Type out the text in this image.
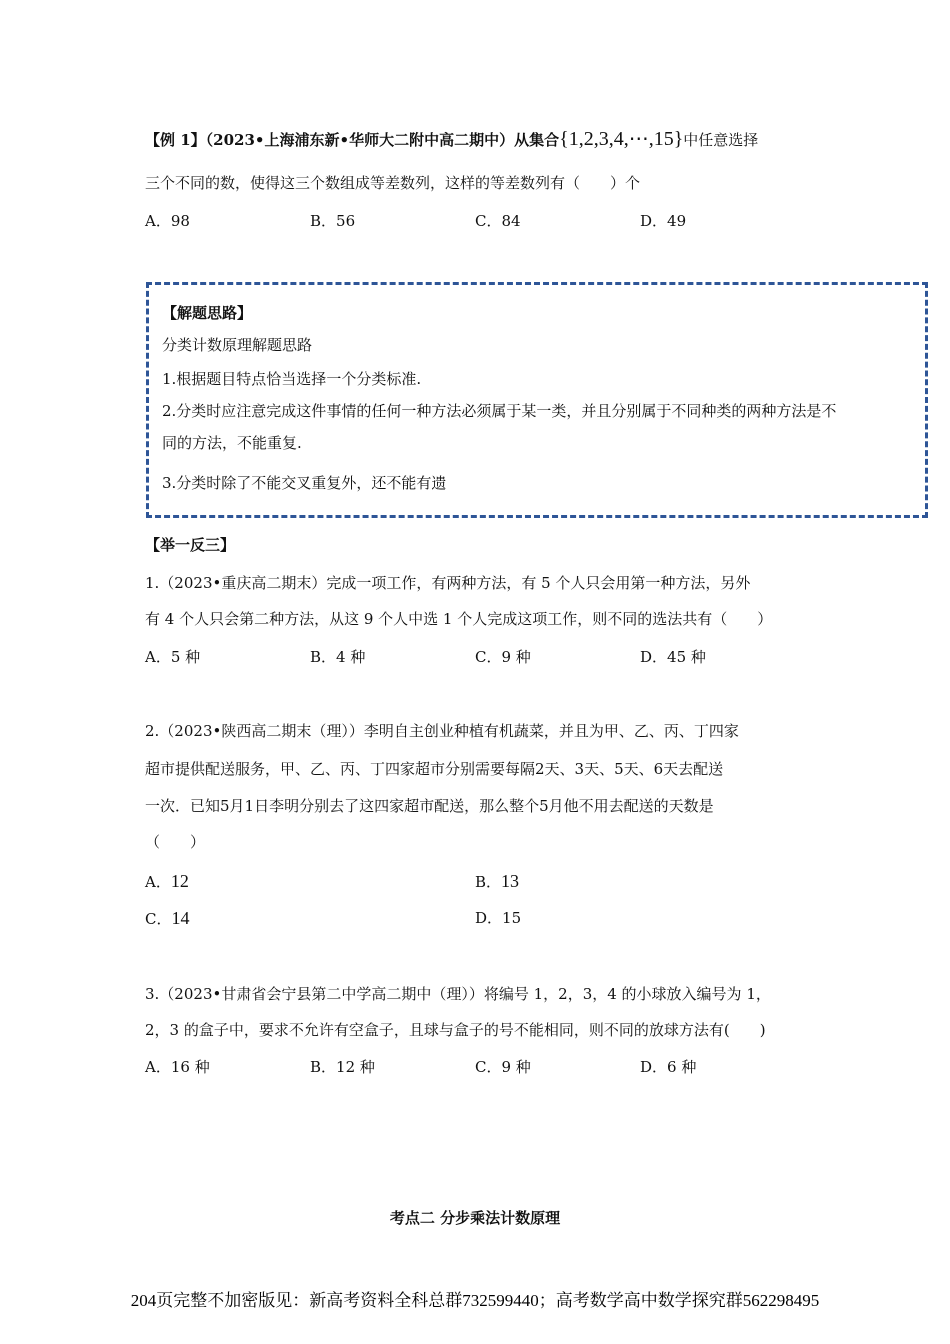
【例 1】（2023•上海浦东新•华师大二附中高二期中）从集合{1,2,3,4,⋯,15}中任意选择
三个不同的数，使得这三个数组成等差数列，这样的等差数列有（　　）个
A．98	B．56	C．84	D．49
【解题思路】
分类计数原理解题思路
1.根据题目特点恰当选择一个分类标准.
2.分类时应注意完成这件事情的任何一种方法必须属于某一类，并且分别属于不同种类的两种方法是不
同的方法，不能重复.
3.分类时除了不能交叉重复外，还不能有遗
【举一反三】
1.（2023•重庆高二期末）完成一项工作，有两种方法，有 5 个人只会用第一种方法，另外
有 4 个人只会第二种方法，从这 9 个人中选 1 个人完成这项工作，则不同的选法共有（　　）
A．5 种	B．4 种	C．9 种	D．45 种
2.（2023•陕西高二期末（理））李明自主创业种植有机蔬菜，并且为甲、乙、丙、丁四家
超市提供配送服务，甲、乙、丙、丁四家超市分别需要每隔2天、3天、5天、6天去配送
一次．已知5月1日李明分别去了这四家超市配送，那么整个5月他不用去配送的天数是
（　　）
A．12	B．13
C．14	D．15
3.（2023•甘肃省会宁县第二中学高二期中（理））将编号 1，2，3，4 的小球放入编号为 1，
2，3 的盒子中，要求不允许有空盒子，且球与盒子的号不能相同，则不同的放球方法有(　　)
A．16 种	B．12 种	C．9 种	D．6 种
考点二 分步乘法计数原理
204页完整不加密版见：新高考资料全科总群732599440；高考数学高中数学探究群562298495
